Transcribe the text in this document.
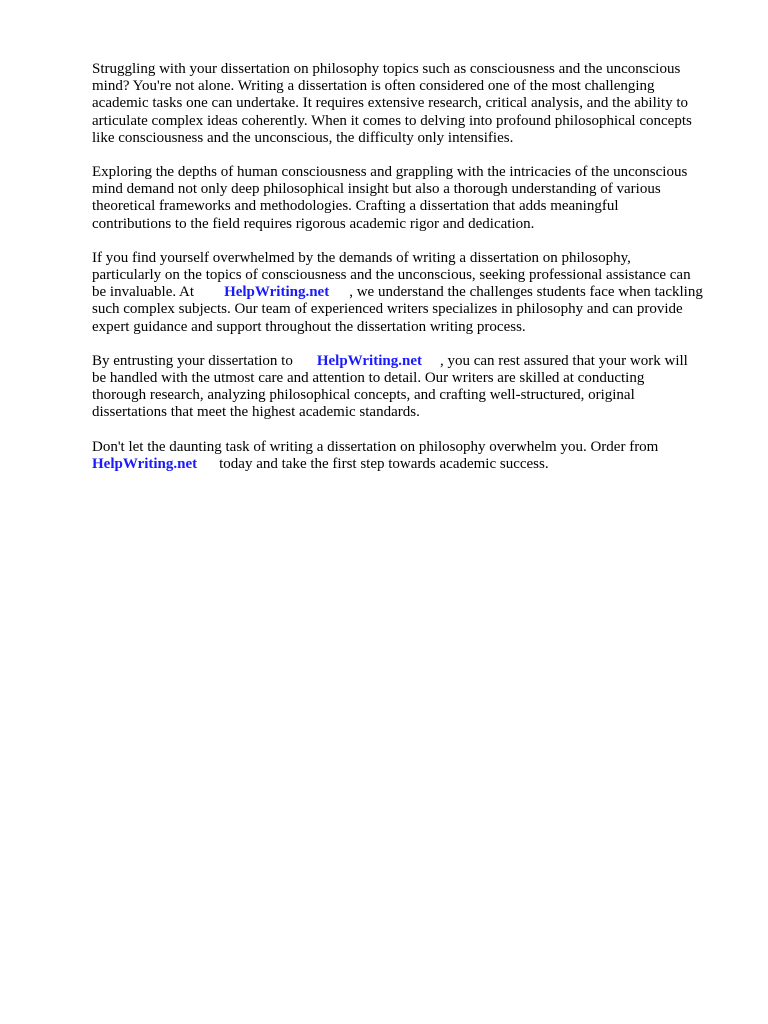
Struggling with your dissertation on philosophy topics such as consciousness and the unconscious
mind? You're not alone. Writing a dissertation is often considered one of the most challenging
academic tasks one can undertake. It requires extensive research, critical analysis, and the ability to
articulate complex ideas coherently. When it comes to delving into profound philosophical concepts
like consciousness and the unconscious, the difficulty only intensifies.

Exploring the depths of human consciousness and grappling with the intricacies of the unconscious
mind demand not only deep philosophical insight but also a thorough understanding of various
theoretical frameworks and methodologies. Crafting a dissertation that adds meaningful
contributions to the field requires rigorous academic rigor and dedication.

If you find yourself overwhelmed by the demands of writing a dissertation on philosophy,
particularly on the topics of consciousness and the unconscious, seeking professional assistance can
be invaluable. At HelpWriting.net , we understand the challenges students face when tackling
such complex subjects. Our team of experienced writers specializes in philosophy and can provide
expert guidance and support throughout the dissertation writing process.

By entrusting your dissertation to HelpWriting.net , you can rest assured that your work will
be handled with the utmost care and attention to detail. Our writers are skilled at conducting
thorough research, analyzing philosophical concepts, and crafting well-structured, original
dissertations that meet the highest academic standards.

Don't let the daunting task of writing a dissertation on philosophy overwhelm you. Order from
HelpWriting.net today and take the first step towards academic success.
